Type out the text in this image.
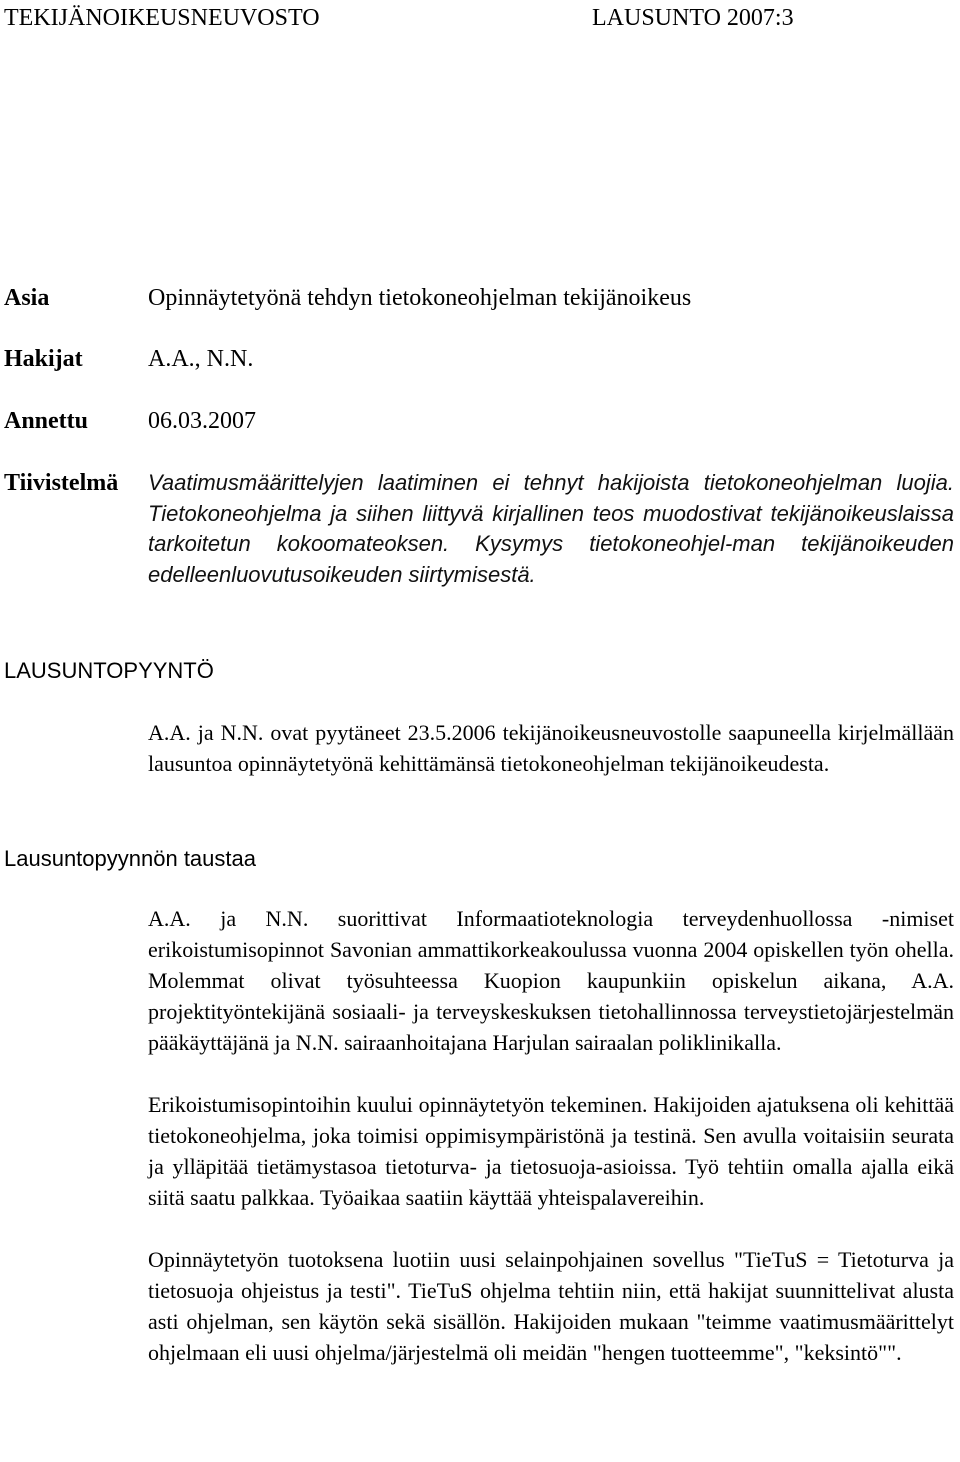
TEKIJÄNOIKEUSNEUVOSTO	LAUSUNTO 2007:3
Asia	Opinnäytetyönä tehdyn tietokoneohjelman tekijänoikeus
Hakijat	A.A., N.N.
Annettu 06.03.2007
Tiivistelmä Vaatimusmäärittelyjen laatiminen ei tehnyt hakijoista tietokoneohjelman luojia. Tietokoneohjelma ja siihen liittyvä kirjallinen teos muodostivat tekijänoikeuslaissa tarkoitetun kokoomateoksen. Kysymys tietokoneohjel-man tekijänoikeuden edelleenluovutusoikeuden siirtymisestä.

LAUSUNTOPYYNTÖ

A.A. ja N.N. ovat pyytäneet 23.5.2006 tekijänoikeusneuvostolle saapuneella kirjelmällään lausuntoa opinnäytetyönä kehittämänsä tietokoneohjelman tekijänoikeudesta.

Lausuntopyynnön taustaa

A.A. ja N.N. suorittivat Informaatioteknologia terveydenhuollossa -nimiset erikoistumisopinnot Savonian ammattikorkeakoulussa vuonna 2004 opiskellen työn ohella. Molemmat olivat työsuhteessa Kuopion kaupunkiin opiskelun aikana, A.A. projektityöntekijänä sosiaali- ja terveyskeskuksen tietohallinnossa terveystietojärjestelmän pääkäyttäjänä ja N.N. sairaanhoitajana Harjulan sairaalan poliklinikalla.

Erikoistumisopintoihin kuului opinnäytetyön tekeminen. Hakijoiden ajatuksena oli kehittää tietokoneohjelma, joka toimisi oppimisympäristönä ja testinä. Sen avulla voitaisiin seurata ja ylläpitää tietämystasoa tietoturva- ja tietosuoja-asioissa. Työ tehtiin omalla ajalla eikä siitä saatu palkkaa. Työaikaa saatiin käyttää yhteispalavereihin.

Opinnäytetyön tuotoksena luotiin uusi selainpohjainen sovellus "TieTuS = Tietoturva ja tietosuoja ohjeistus ja testi". TieTuS ohjelma tehtiin niin, että hakijat suunnittelivat alusta asti ohjelman, sen käytön sekä sisällön. Hakijoiden mukaan "teimme vaatimusmäärittelyt ohjelmaan eli uusi ohjelma/järjestelmä oli meidän "hengen tuotteemme", "keksintö"".
